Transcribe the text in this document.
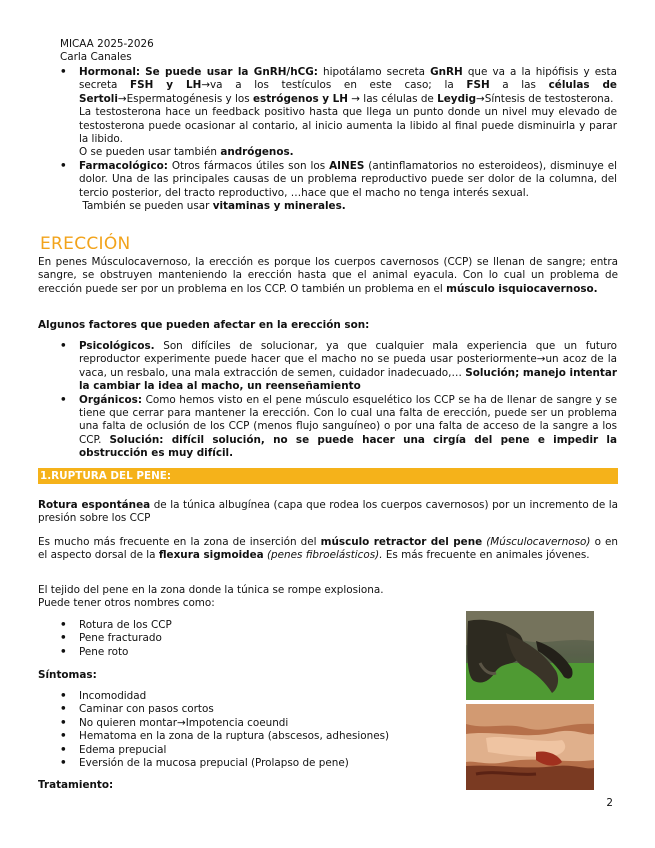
MICAA 2025-2026
Carla Canales
• Hormonal: Se puede usar la GnRH/hCG: hipotálamo secreta GnRH que va a la hipófisis y esta secreta FSH y LH→va a los testículos en este caso; la FSH a las células de Sertoli→Espermatogénesis y los estrógenos y LH → las células de Leydig→Síntesis de testosterona.
La testosterona hace un feedback positivo hasta que llega un punto donde un nivel muy elevado de testosterona puede ocasionar al contario, al inicio aumenta la libido al final puede disminuirla y parar la libido.
O se pueden usar también andrógenos.
• Farmacológico: Otros fármacos útiles son los AINES (antinflamatorios no esteroideos), disminuye el dolor. Una de las principales causas de un problema reproductivo puede ser dolor de la columna, del tercio posterior, del tracto reproductivo, …hace que el macho no tenga interés sexual.
También se pueden usar vitaminas y minerales.
ERECCIÓN
En penes Músculocavernoso, la erección es porque los cuerpos cavernosos (CCP) se llenan de sangre; entra sangre, se obstruyen manteniendo la erección hasta que el animal eyacula. Con lo cual un problema de erección puede ser por un problema en los CCP. O también un problema en el músculo isquiocavernoso.
Algunos factores que pueden afectar en la erección son:
• Psicológicos. Son difíciles de solucionar, ya que cualquier mala experiencia que un futuro reproductor experimente puede hacer que el macho no se pueda usar posteriormente→un acoz de la vaca, un resbalo, una mala extracción de semen, cuidador inadecuado,… Solución; manejo intentar la cambiar la idea al macho, un reenseñamiento
• Orgánicos: Como hemos visto en el pene músculo esquelético los CCP se ha de llenar de sangre y se tiene que cerrar para mantener la erección. Con lo cual una falta de erección, puede ser un problema una falta de oclusión de los CCP (menos flujo sanguíneo) o por una falta de acceso de la sangre a los CCP. Solución: difícil solución, no se puede hacer una cirgía del pene e impedir la obstrucción es muy difícil.
1.RUPTURA DEL PENE:
Rotura espontánea de la túnica albugínea (capa que rodea los cuerpos cavernosos) por un incremento de la presión sobre los CCP
Es mucho más frecuente en la zona de inserción del músculo retractor del pene (Músculocavernoso) o en el aspecto dorsal de la flexura sigmoidea (penes fibroelásticos). Es más frecuente en animales jóvenes.
El tejido del pene en la zona donde la túnica se rompe explosiona.
Puede tener otros nombres como:
• Rotura de los CCP
• Pene fracturado
• Pene roto
Síntomas:
• Incomodidad
• Caminar con pasos cortos
• No quieren montar→Impotencia coeundi
• Hematoma en la zona de la ruptura (abscesos, adhesiones)
• Edema prepucial
• Eversión de la mucosa prepucial (Prolapso de pene)
Tratamiento:
2
